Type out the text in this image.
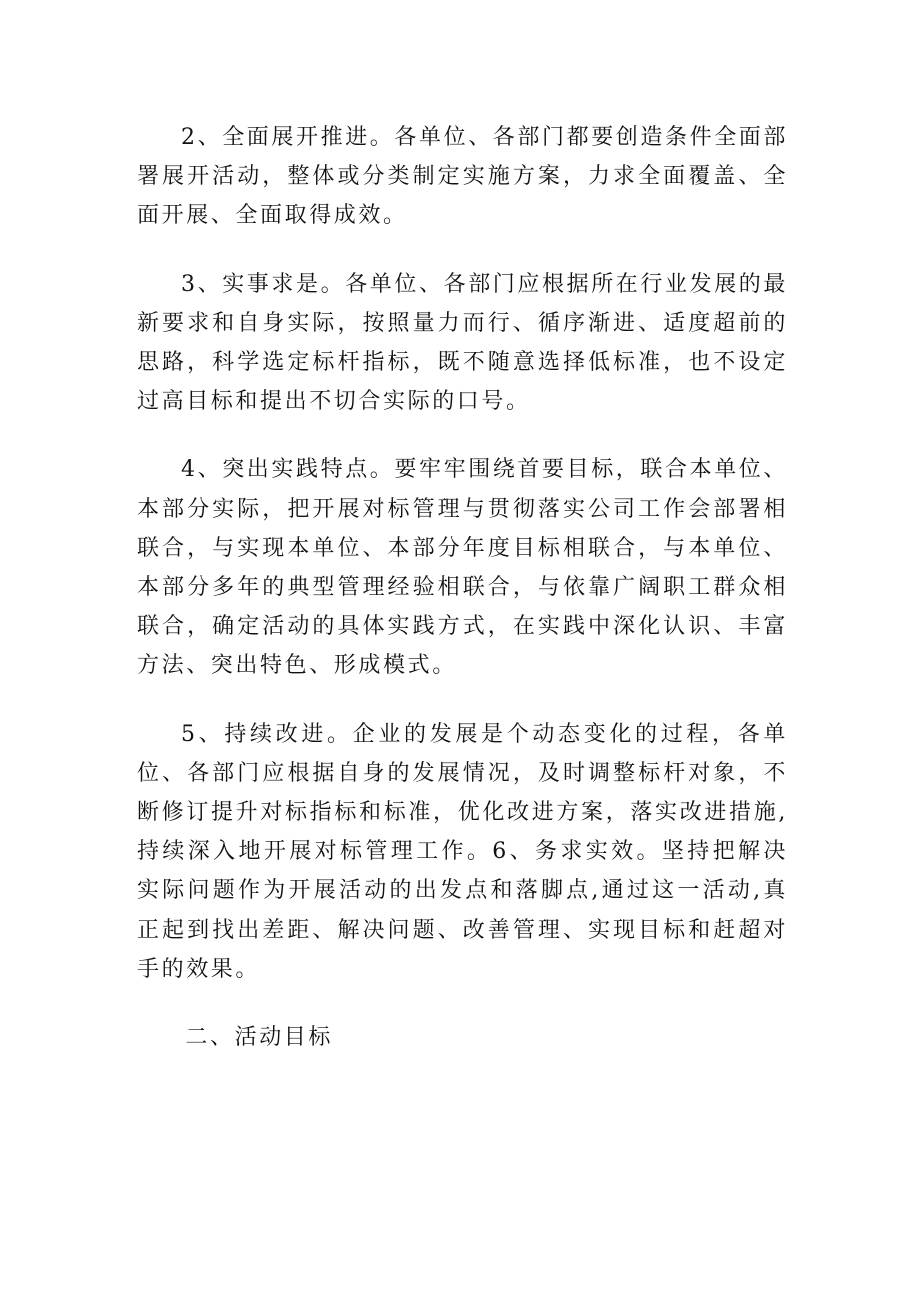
2、全面展开推进。各单位、各部门都要创造条件全面部署展开活动，整体或分类制定实施方案，力求全面覆盖、全面开展、全面取得成效。

3、实事求是。各单位、各部门应根据所在行业发展的最新要求和自身实际，按照量力而行、循序渐进、适度超前的思路，科学选定标杆指标，既不随意选择低标准，也不设定过高目标和提出不切合实际的口号。

4、突出实践特点。要牢牢围绕首要目标，联合本单位、本部分实际，把开展对标管理与贯彻落实公司工作会部署相联合，与实现本单位、本部分年度目标相联合，与本单位、本部分多年的典型管理经验相联合，与依靠广阔职工群众相联合，确定活动的具体实践方式，在实践中深化认识、丰富方法、突出特色、形成模式。

5、持续改进。企业的发展是个动态变化的过程，各单位、各部门应根据自身的发展情况，及时调整标杆对象，不断修订提升对标指标和标准，优化改进方案，落实改进措施,持续深入地开展对标管理工作。6、务求实效。坚持把解决实际问题作为开展活动的出发点和落脚点,通过这一活动,真正起到找出差距、解决问题、改善管理、实现目标和赶超对手的效果。

二、活动目标
